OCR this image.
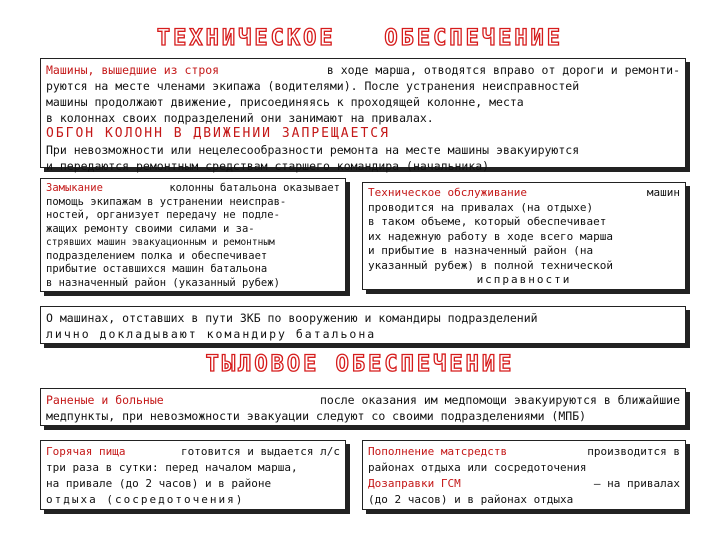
ТЕХНИЧЕСКОЕ   ОБЕСПЕЧЕНИЕ
Машины, вышедшие из строя	в ходе марша, отводятся вправо от дороги и ремонти-
руются на месте членами экипажа (водителями). После устранения неисправностей
машины продолжают движение, присоединяясь к проходящей колонне, места
в колоннах своих подразделений они занимают на привалах.
ОБГОН КОЛОНН В ДВИЖЕНИИ ЗАПРЕЩАЕТСЯ
При невозможности или нецелесообразности ремонта на месте машины эвакуируются
и передаются ремонтным средствам старшего командира (начальника)
Замыкание	колонны батальона оказывает
помощь экипажам в устранении неисправ-
ностей, организует передачу не подле-
жащих ремонту своими силами и за-
стрявших машин эвакуационным и ремонтным
подразделением полка и обеспечивает
прибытие оставшихся машин батальона
в назначенный район (указанный рубеж)
Техническое обслуживание	машин
проводится на привалах (на отдыхе)
в таком объеме, который обеспечивает
их надежную работу в ходе всего марша
и прибытие в назначенный район (на
указанный рубеж) в полной технической
исправности
О машинах, отставших в пути ЗКБ по вооружению и командиры подразделений
лично докладывают командиру батальона
ТЫЛОВОЕ ОБЕСПЕЧЕНИЕ
Раненые и больные	после оказания им медпомощи эвакуируются в ближайшие
медпункты, при невозможности эвакуации следуют со своими подразделениями (МПБ)
Горячая пища	готовится и выдается л/с
три раза в сутки: перед началом марша,
на привале (до 2 часов) и в районе
отдыха (сосредоточения)
Пополнение матсредств	производится в
районах отдыха или сосредоточения
Дозаправки ГСМ	– на привалах
(до 2 часов) и в районах отдыха
